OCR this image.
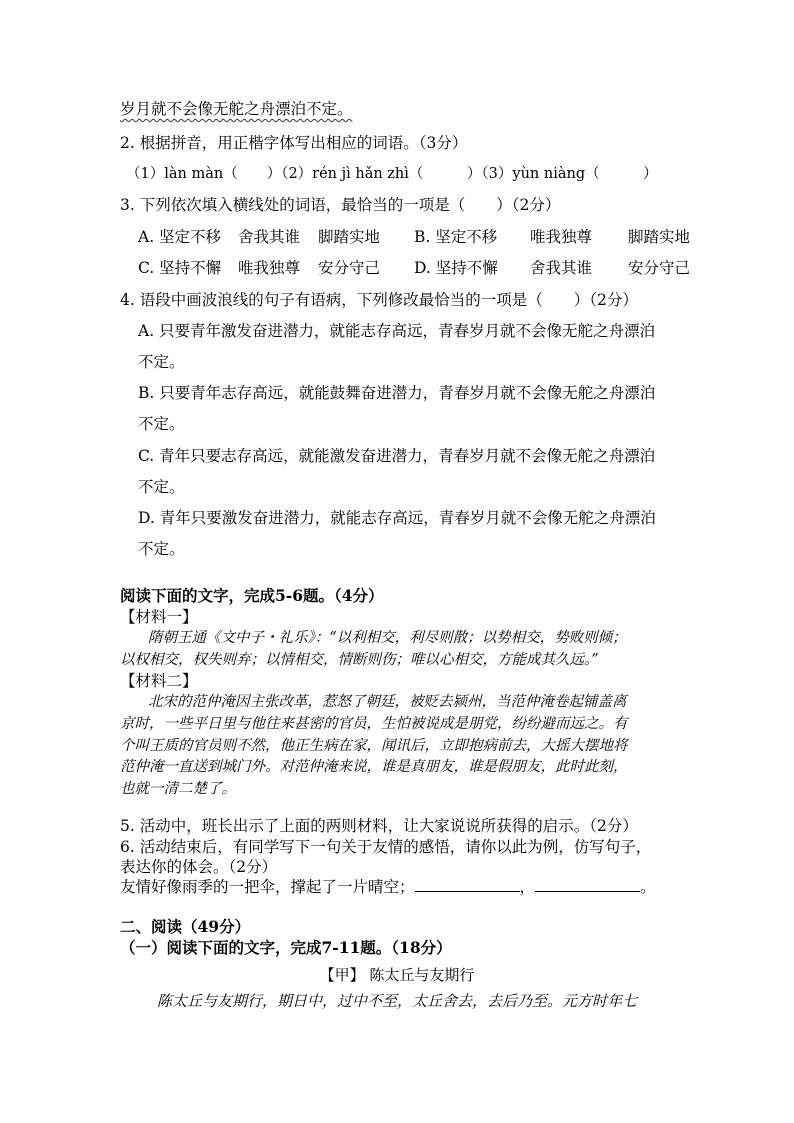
岁月就不会像无舵之舟漂泊不定。
2. 根据拼音，用正楷字体写出相应的词语。（3分）
（1）làn màn（　　）（2）rén jì hǎn zhì（　　　）（3）yùn niàng（　　　）
3. 下列依次填入横线处的词语，最恰当的一项是（　　）（2分）
A. 坚定不移 舍我其谁 脚踏实地 B. 坚定不移 唯我独尊 脚踏实地
C. 坚持不懈 唯我独尊 安分守己 D. 坚持不懈 舍我其谁 安分守己
4. 语段中画波浪线的句子有语病，下列修改最恰当的一项是（　　）（2分）
A. 只要青年激发奋进潜力，就能志存高远，青春岁月就不会像无舵之舟漂泊
不定。
B. 只要青年志存高远，就能鼓舞奋进潜力，青春岁月就不会像无舵之舟漂泊
不定。
C. 青年只要志存高远，就能激发奋进潜力，青春岁月就不会像无舵之舟漂泊
不定。
D. 青年只要激发奋进潜力，就能志存高远，青春岁月就不会像无舵之舟漂泊
不定。
阅读下面的文字，完成5-6题。（4分）
【材料一】
隋朝王通《文中子・礼乐》：“以利相交，利尽则散；以势相交，势败则倾；
以权相交，权失则弃；以情相交，情断则伤；唯以心相交，方能成其久远。”
【材料二】
北宋的范仲淹因主张改革，惹怒了朝廷，被贬去颍州，当范仲淹卷起铺盖离
京时，一些平日里与他往来甚密的官员，生怕被说成是朋党，纷纷避而远之。有
个叫王质的官员则不然，他正生病在家，闻讯后，立即抱病前去，大摇大摆地将
范仲淹一直送到城门外。对范仲淹来说，谁是真朋友，谁是假朋友，此时此刻，
也就一清二楚了。
5. 活动中，班长出示了上面的两则材料，让大家说说所获得的启示。（2分）
6. 活动结束后，有同学写下一句关于友情的感悟，请你以此为例，仿写句子，
表达你的体会。（2分）
友情好像雨季的一把伞，撑起了一片晴空；	，	。
二、阅读（49分）
（一）阅读下面的文字，完成7-11题。（18分）
【甲】 陈太丘与友期行
陈太丘与友期行，期日中，过中不至，太丘舍去，去后乃至。元方时年七
